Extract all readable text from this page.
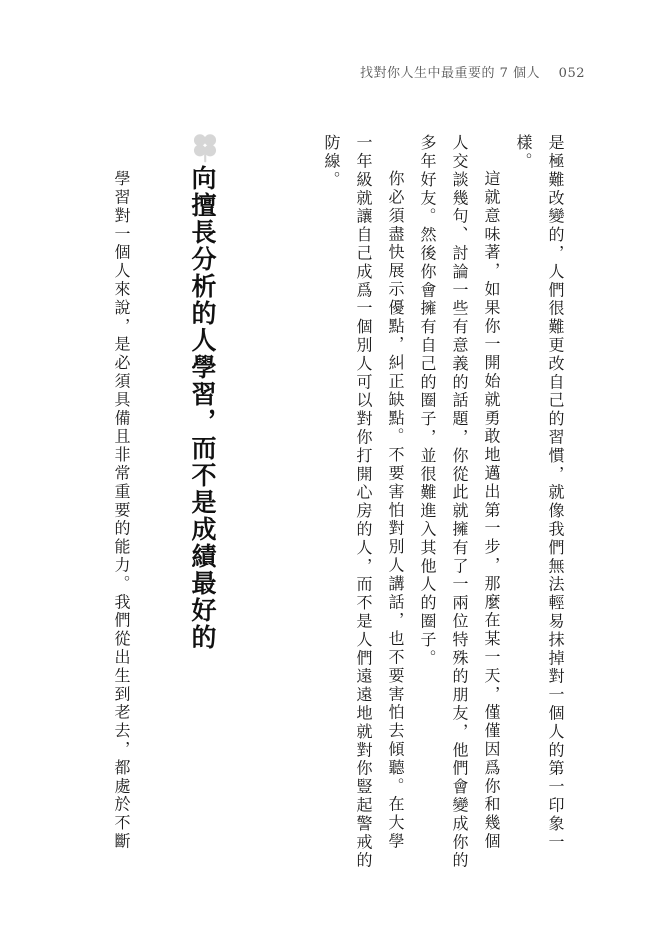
找對你人生中最重要的 7 個人 052
是極難改變的，人們很難更改自己的習慣，就像我們無法輕易抹掉對一個人的第一印象一
樣。
這就意味著，如果你一開始就勇敢地邁出第一步，那麼在某一天，僅僅因爲你和幾個
人交談幾句、討論一些有意義的話題，你從此就擁有了一兩位特殊的朋友，他們會變成你的
多年好友。然後你會擁有自己的圈子，並很難進入其他人的圈子。
你必須盡快展示優點，糾正缺點。不要害怕對別人講話，也不要害怕去傾聽。在大學
一年級就讓自己成爲一個別人可以對你打開心房的人，而不是人們遠遠地就對你豎起警戒的
防線。
向擅長分析的人學習，而不是成績最好的
學習對一個人來說，是必須具備且非常重要的能力。我們從出生到老去，都處於不斷
